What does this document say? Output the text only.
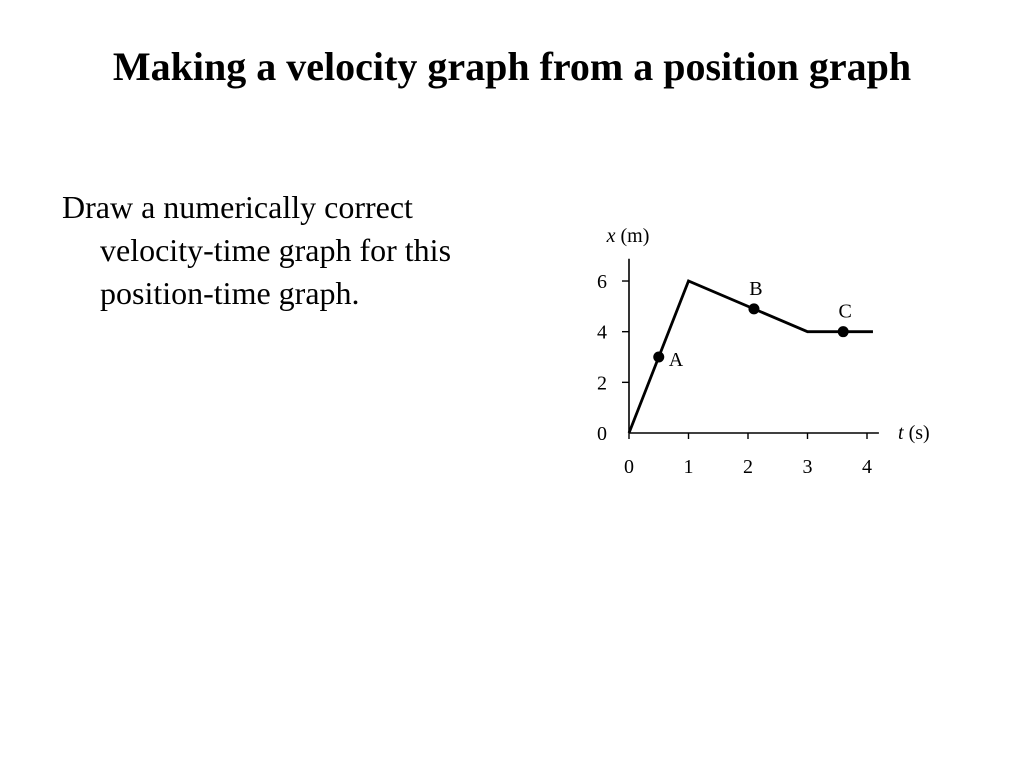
Making a velocity graph from a position graph
Draw a numerically correct velocity-time graph for this position-time graph.
A
B
C
0 1 2 3 4
0
2
4
6
x (m)
t (s)
